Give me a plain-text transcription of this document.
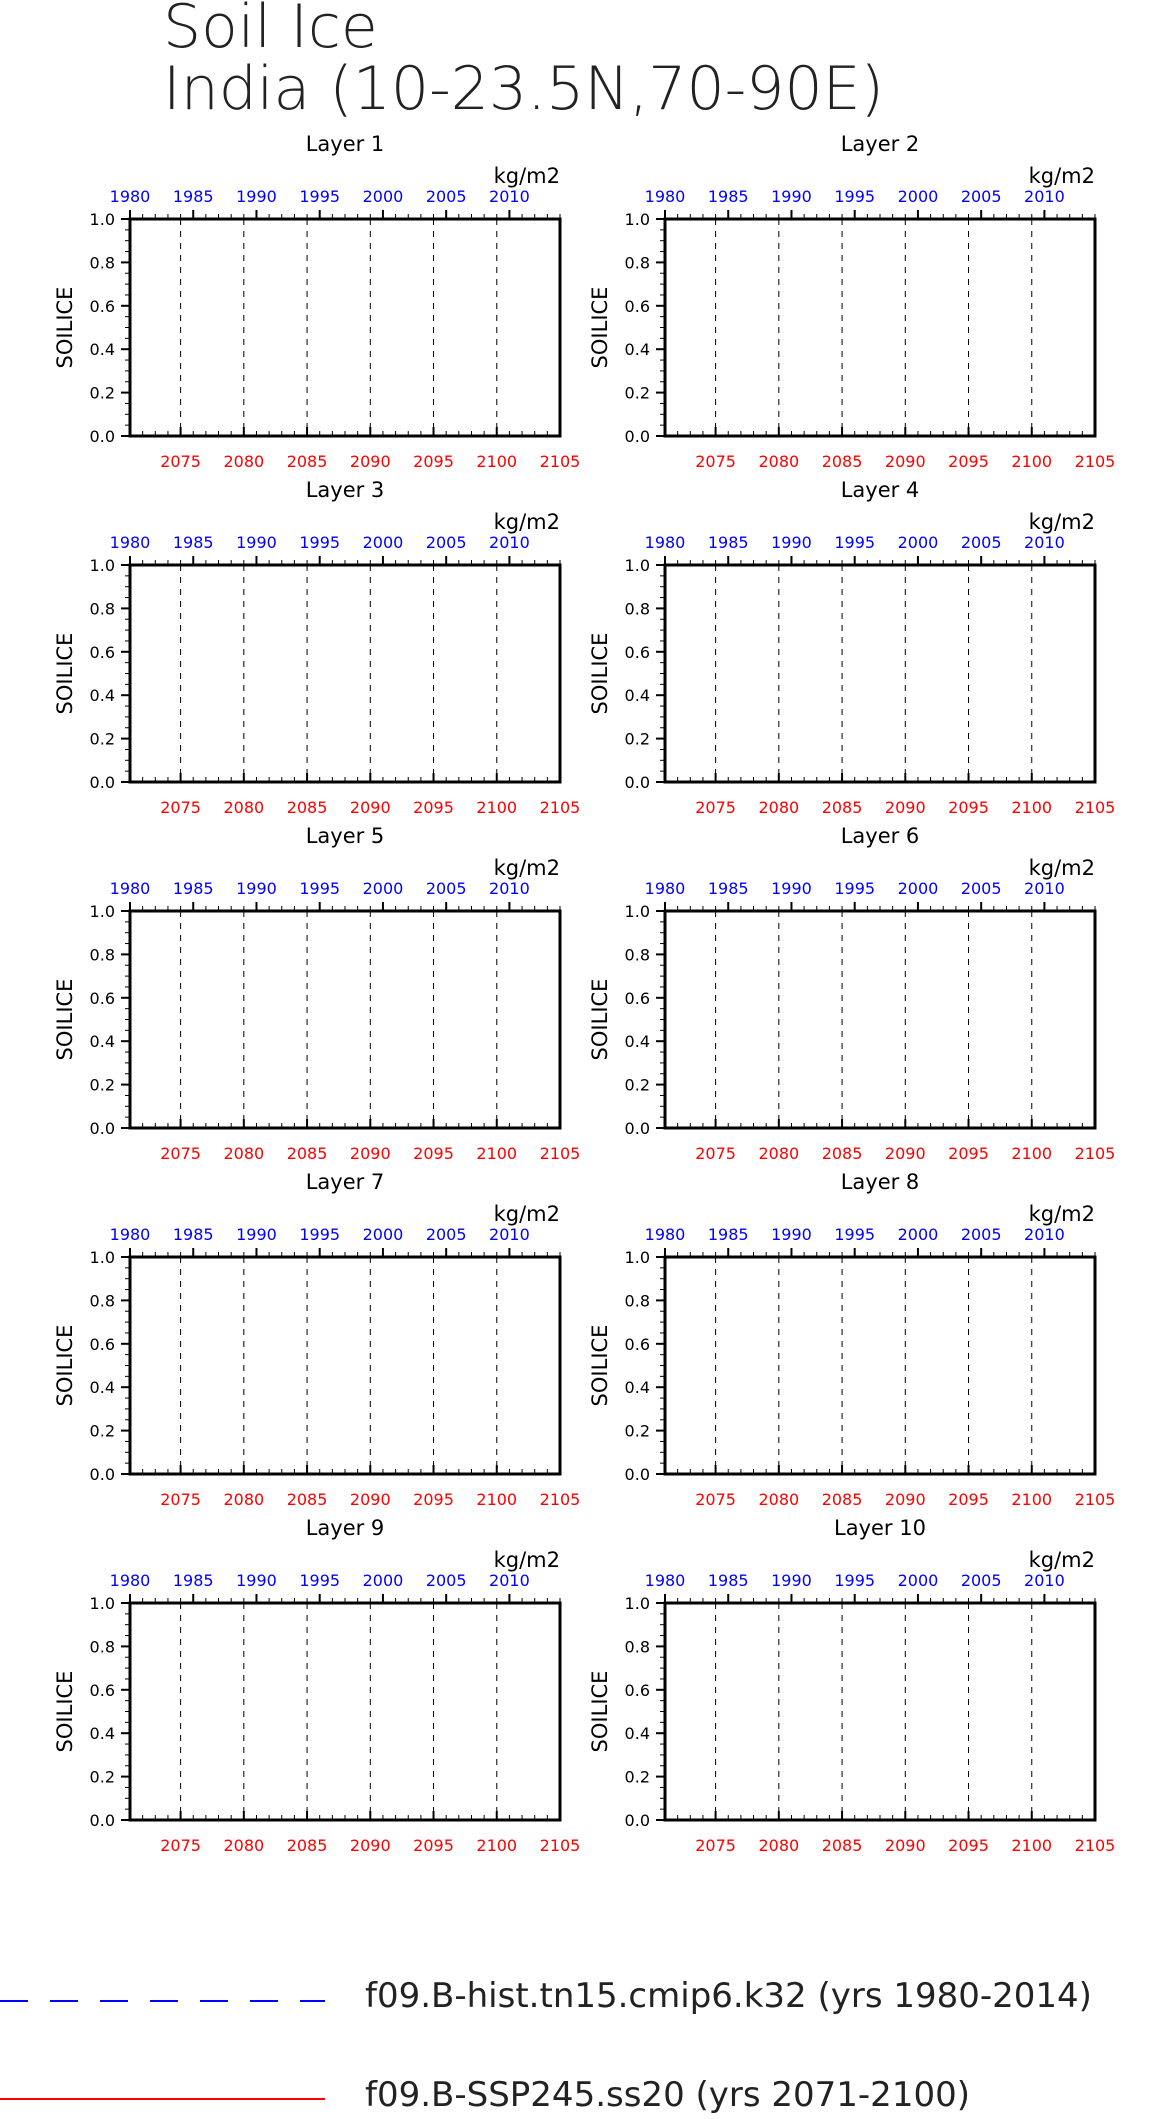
Soil Ice
India (10-23.5N,70-90E)
Layer 1
kg/m2
2075 2080 2085 2090 2095 2100 2105
1980 1985 1990 1995 2000 2005 2010
0.0
0.2
0.4
0.6
0.8
1.0
SOILICE
Layer 2
kg/m2
2075 2080 2085 2090 2095 2100 2105
1980 1985 1990 1995 2000 2005 2010
0.0
0.2
0.4
0.6
0.8
1.0
SOILICE
Layer 3
kg/m2
2075 2080 2085 2090 2095 2100 2105
1980 1985 1990 1995 2000 2005 2010
0.0
0.2
0.4
0.6
0.8
1.0
SOILICE
Layer 4
kg/m2
2075 2080 2085 2090 2095 2100 2105
1980 1985 1990 1995 2000 2005 2010
0.0
0.2
0.4
0.6
0.8
1.0
SOILICE
Layer 5
kg/m2
2075 2080 2085 2090 2095 2100 2105
1980 1985 1990 1995 2000 2005 2010
0.0
0.2
0.4
0.6
0.8
1.0
SOILICE
Layer 6
kg/m2
2075 2080 2085 2090 2095 2100 2105
1980 1985 1990 1995 2000 2005 2010
0.0
0.2
0.4
0.6
0.8
1.0
SOILICE
Layer 7
kg/m2
2075 2080 2085 2090 2095 2100 2105
1980 1985 1990 1995 2000 2005 2010
0.0
0.2
0.4
0.6
0.8
1.0
SOILICE
Layer 8
kg/m2
2075 2080 2085 2090 2095 2100 2105
1980 1985 1990 1995 2000 2005 2010
0.0
0.2
0.4
0.6
0.8
1.0
SOILICE
Layer 9
kg/m2
2075 2080 2085 2090 2095 2100 2105
1980 1985 1990 1995 2000 2005 2010
0.0
0.2
0.4
0.6
0.8
1.0
SOILICE
Layer 10
kg/m2
2075 2080 2085 2090 2095 2100 2105
1980 1985 1990 1995 2000 2005 2010
0.0
0.2
0.4
0.6
0.8
1.0
SOILICE
f09.B-hist.tn15.cmip6.k32 (yrs 1980-2014)
f09.B-SSP245.ss20 (yrs 2071-2100)
